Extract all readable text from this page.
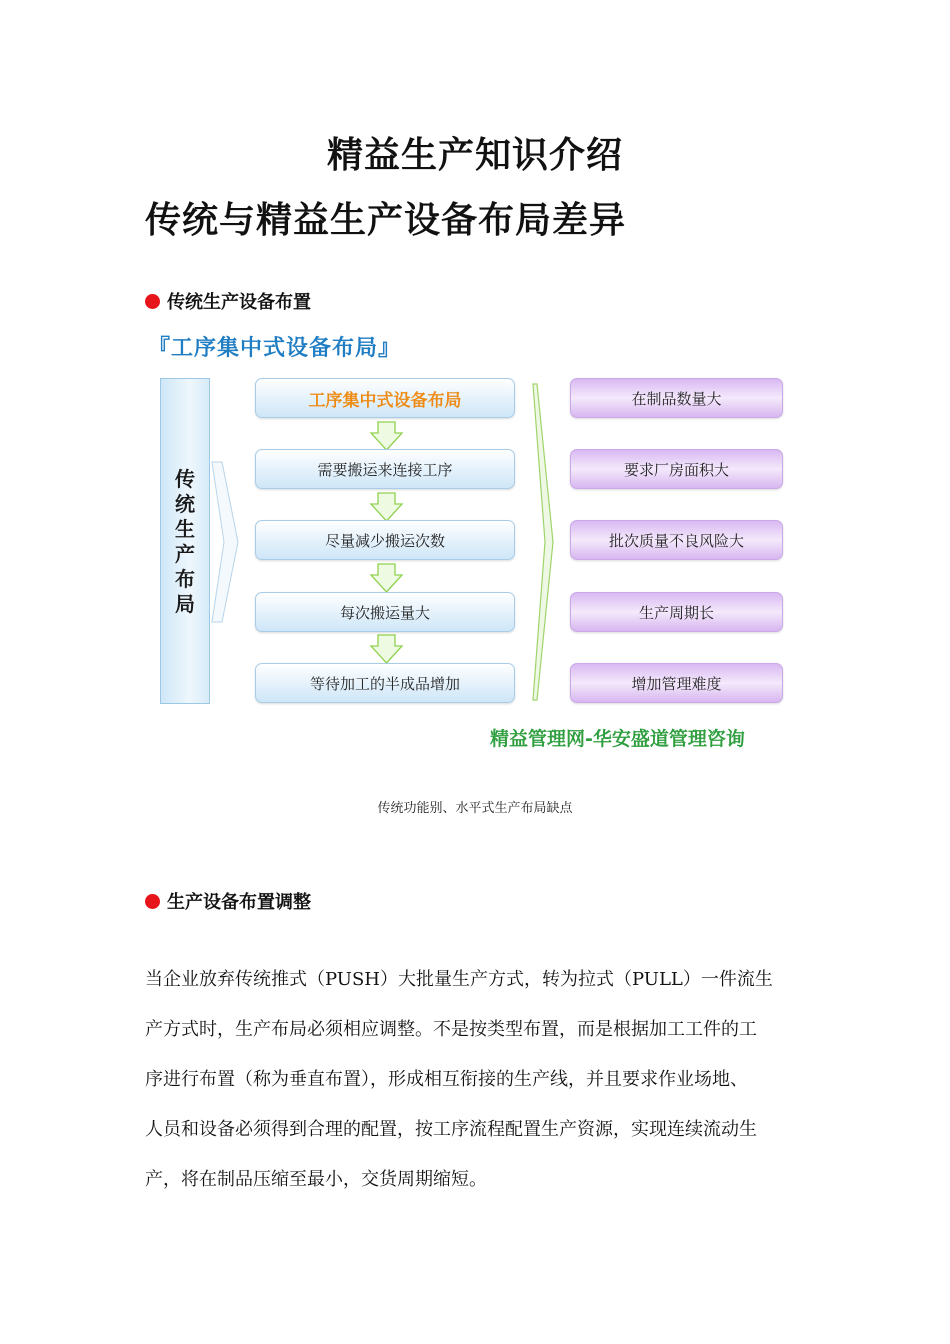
精益生产知识介绍
传统与精益生产设备布局差异
传统生产设备布置
『工序集中式设备布局』
传
统
生
产
布
局
工序集中式设备布局
需要搬运来连接工序
尽量减少搬运次数
每次搬运量大
等待加工的半成品增加
在制品数量大
要求厂房面积大
批次质量不良风险大
生产周期长
增加管理难度
精益管理网-华安盛道管理咨询
传统功能别、水平式生产布局缺点
生产设备布置调整
当企业放弃传统推式（PUSH）大批量生产方式，转为拉式（PULL）一件流生
产方式时，生产布局必须相应调整。不是按类型布置，而是根据加工工件的工
序进行布置（称为垂直布置），形成相互衔接的生产线，并且要求作业场地、
人员和设备必须得到合理的配置，按工序流程配置生产资源，实现连续流动生
产，将在制品压缩至最小，交货周期缩短。
